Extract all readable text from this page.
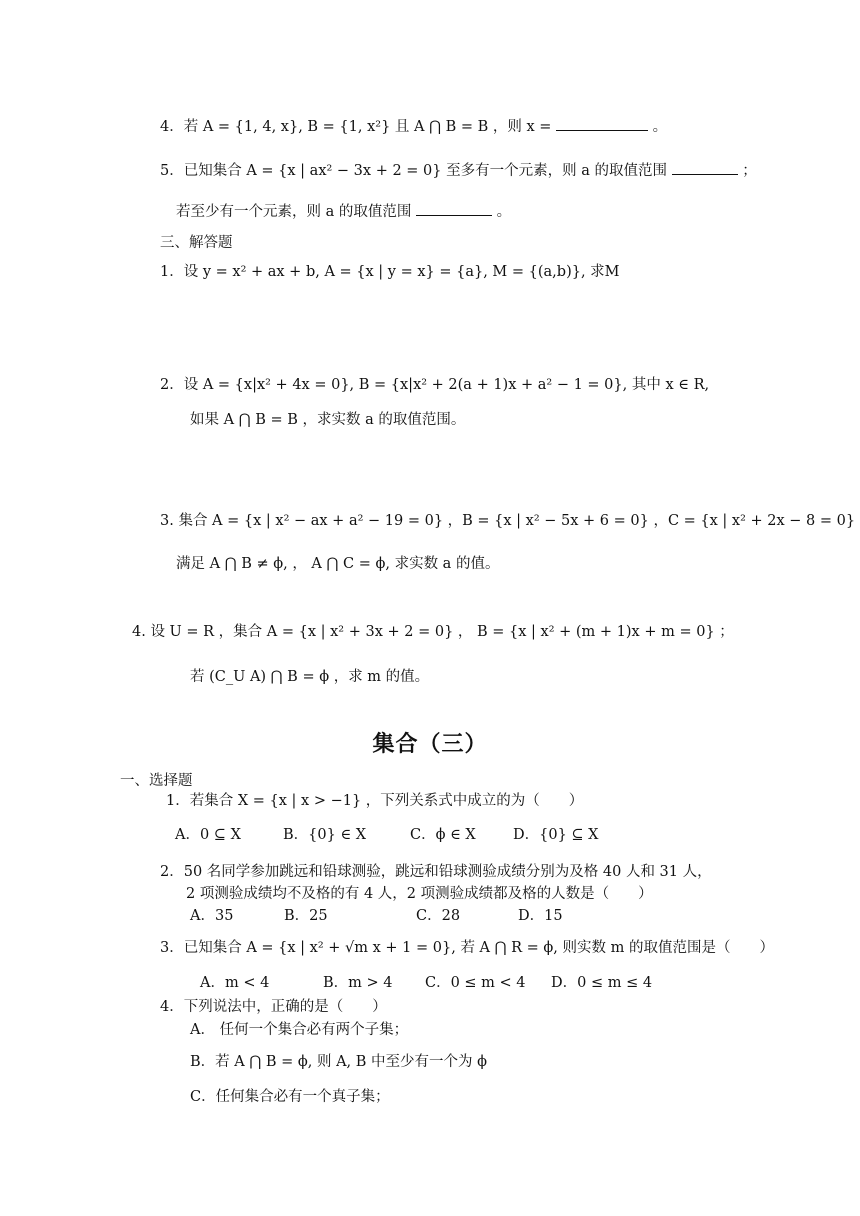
4．若 A = {1, 4, x}, B = {1, x²} 且 A ⋂ B = B ，则 x =	。
5．已知集合 A = {x | ax² − 3x + 2 = 0} 至多有一个元素，则 a 的取值范围	；
若至少有一个元素，则 a 的取值范围	。
三、解答题
1．设 y = x² + ax + b, A = {x | y = x} = {a}, M = {(a,b)}, 求M
2．设 A = {x|x² + 4x = 0}, B = {x|x² + 2(a + 1)x + a² − 1 = 0}, 其中 x ∈ R,
如果 A ⋂ B = B ，求实数 a 的取值范围。
3. 集合 A = {x | x² − ax + a² − 19 = 0} ，B = {x | x² − 5x + 6 = 0} ，C = {x | x² + 2x − 8 = 0}
满足 A ⋂ B ≠ ϕ, ， A ⋂ C = ϕ, 求实数 a 的值。
4. 设 U = R ，集合 A = {x | x² + 3x + 2 = 0} ， B = {x | x² + (m + 1)x + m = 0} ；
若 (C_U A) ⋂ B = ϕ ，求 m 的值。
集合（三）
一、选择题
1．若集合 X = {x | x > −1} ，下列关系式中成立的为（　　）
A．0 ⊆ X	B．{0} ∈ X	C．ϕ ∈ X	D．{0} ⊆ X
2．50 名同学参加跳远和铅球测验，跳远和铅球测验成绩分别为及格 40 人和 31 人，
2 项测验成绩均不及格的有 4 人，2 项测验成绩都及格的人数是（　　）
A．35	B．25	C．28	D．15
3．已知集合 A = {x | x² + √m x + 1 = 0}, 若 A ⋂ R = ϕ, 则实数 m 的取值范围是（　　）
A．m < 4	B．m > 4 C．0 ≤ m < 4 D．0 ≤ m ≤ 4
4．下列说法中，正确的是（　　）
A． 任何一个集合必有两个子集；
B．若 A ⋂ B = ϕ, 则 A, B 中至少有一个为 ϕ
C．任何集合必有一个真子集；
